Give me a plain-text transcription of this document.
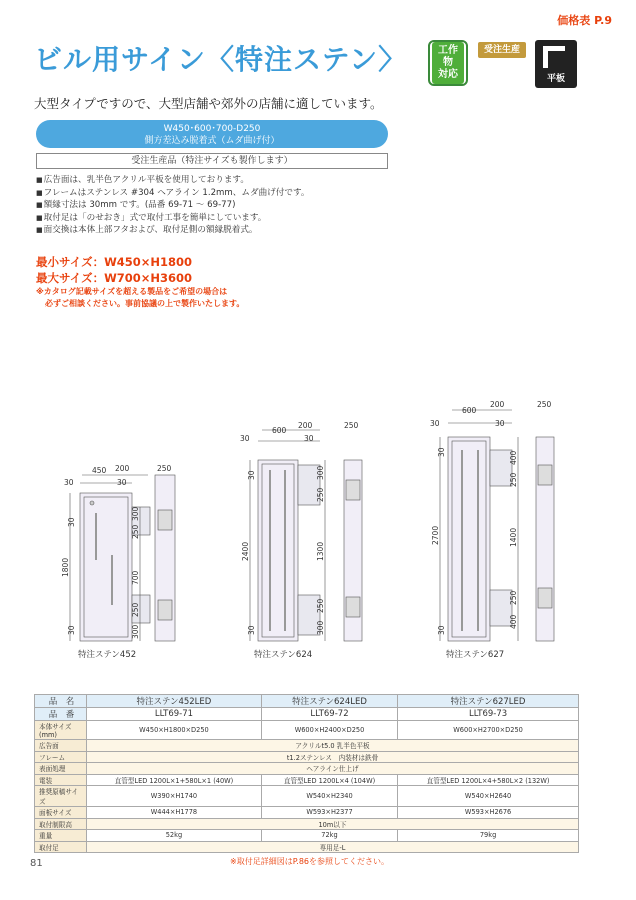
価格表 P.9
ビル用サイン〈特注ステン〉	工作物
対応
受注生産
平板
大型タイプですので、大型店舗や郊外の店舗に適しています。
W450･600･700-D250
側方差込み脱着式（ムダ曲げ付）
受注生産品（特注サイズも製作します）
■ 広告面は、乳半色アクリル平板を使用しております。
■ フレームはステンレス #304 ヘアライン 1.2mm、ムダ曲げ付です。
■ 額縁寸法は 30mm です。(品番 69-71 ～ 69-77)
■ 取付足は「のせおき」式で取付工事を簡単にしています。
■ 面交換は本体上部フタおよび、取付足側の額縁脱着式。
最小サイズ：W450×H1800
最大サイズ：W700×H3600
※カタログ記載サイズを超える製品をご希望の場合は
必ずご相談ください。事前協議の上で製作いたします。
450 200	250
30	30
1800
30
30
250
300
700
250
300
特注ステン452
600
200	250
30	30
2400
30
30
300
250
1300
250
300
特注ステン624
600
200	250
30	30
2700
30
30
400
250
1400
250
400
特注ステン627
品　名	特注ステン452LED	特注ステン624LED	特注ステン627LED
品　番	LLT69-71	LLT69-72	LLT69-73
本体サイズ(mm)	W450×H1800×D250	W600×H2400×D250	W600×H2700×D250
広告面	アクリルt5.0 乳半色平板		
フレーム	t1.2ステンレス　内装材は鉄骨		
表面処理	ヘアライン仕上げ		
電装	直管型LED 1200L×1+580L×1 (40W)	直管型LED 1200L×4 (104W)	直管型LED 1200L×4+580L×2 (132W)
推奨原稿サイズ	W390×H1740	W540×H2340	W540×H2640
面板サイズ	W444×H1778	W593×H2377	W593×H2676
取付制限高	10m以下		
重量	52kg	72kg	79kg
取付足	専用足-L		
81	※取付足詳細図はP.86を参照してください。
